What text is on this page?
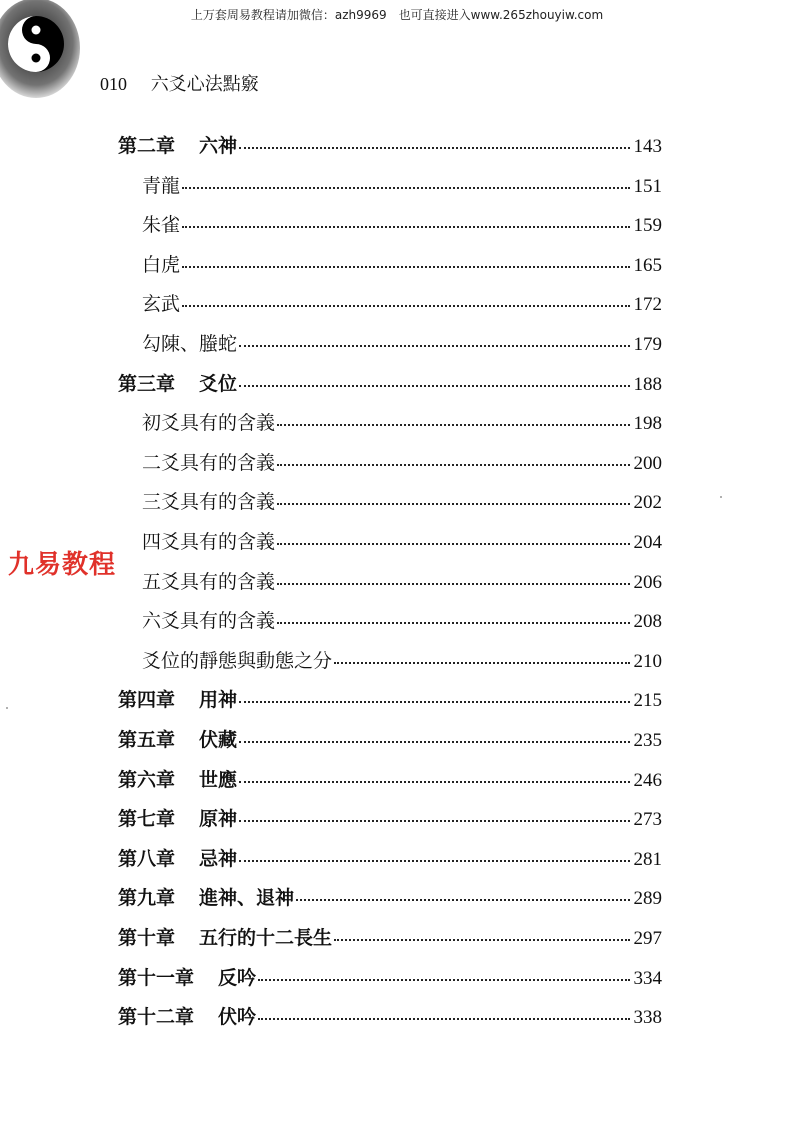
上万套周易教程请加微信：azh9969　也可直接进入www.265zhouyiw.com
010 六爻心法點竅
九易教程
第二章 六神	143
青龍	151
朱雀	159
白虎	165
玄武	172
勾陳、螣蛇	179
第三章 爻位	188
初爻具有的含義	198
二爻具有的含義	200
三爻具有的含義	202
四爻具有的含義	204
五爻具有的含義	206
六爻具有的含義	208
爻位的靜態與動態之分	210
第四章 用神	215
第五章 伏藏	235
第六章 世應	246
第七章 原神	273
第八章 忌神	281
第九章 進神、退神	289
第十章 五行的十二長生	297
第十一章 反吟	334
第十二章 伏吟	338
